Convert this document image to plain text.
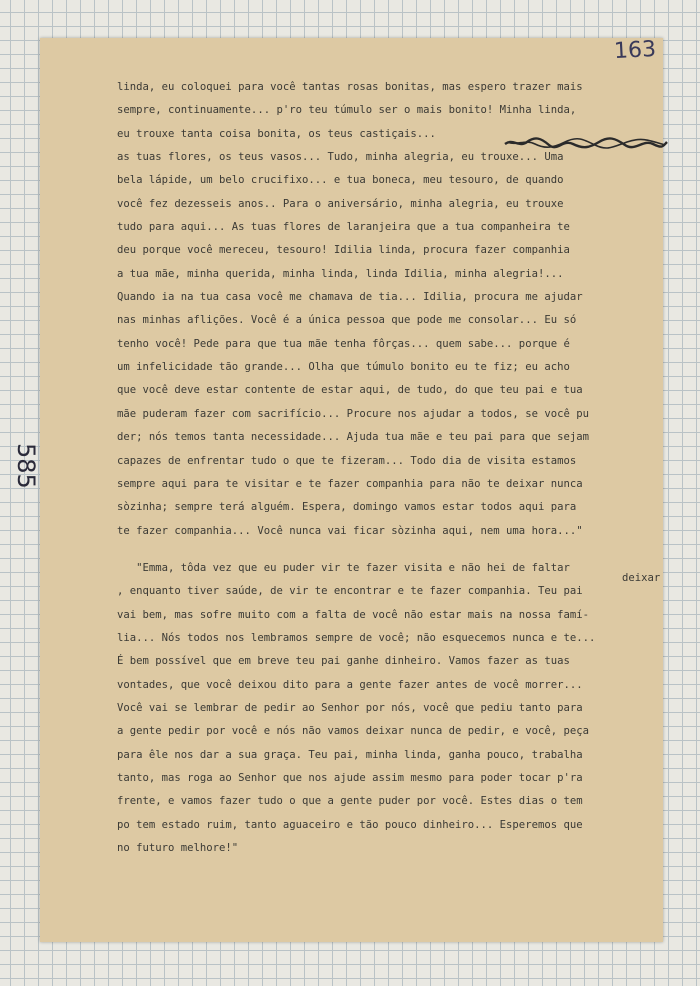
163
585
deixar
linda, eu coloquei para você tantas rosas bonitas, mas espero trazer mais
sempre, continuamente... p'ro teu túmulo ser o mais bonito! Minha linda,
eu trouxe tanta coisa bonita, os teus castiçais...
as tuas flores, os teus vasos... Tudo, minha alegria, eu trouxe... Uma
bela lápide, um belo crucifixo... e tua boneca, meu tesouro, de quando
você fez dezesseis anos.. Para o aniversário, minha alegria, eu trouxe
tudo para aqui... As tuas flores de laranjeira que a tua companheira te
deu porque você mereceu, tesouro! Idilia linda, procura fazer companhia
a tua mãe, minha querida, minha linda, linda Idilia, minha alegria!...
Quando ia na tua casa você me chamava de tia... Idilia, procura me ajudar
nas minhas aflições. Você é a única pessoa que pode me consolar... Eu só
tenho você! Pede para que tua mãe tenha fôrças... quem sabe... porque é
um infelicidade tão grande... Olha que túmulo bonito eu te fiz; eu acho
que você deve estar contente de estar aqui, de tudo, do que teu pai e tua
mãe puderam fazer com sacrifício... Procure nos ajudar a todos, se você pu
der; nós temos tanta necessidade... Ajuda tua mãe e teu pai para que sejam
capazes de enfrentar tudo o que te fizeram... Todo dia de visita estamos
sempre aqui para te visitar e te fazer companhia para não te deixar nunca
sòzinha; sempre terá alguém. Espera, domingo vamos estar todos aqui para
te fazer companhia... Você nunca vai ficar sòzinha aqui, nem uma hora..."
"Emma, tôda vez que eu puder vir te fazer visita e não hei de faltar
, enquanto tiver saúde, de vir te encontrar e te fazer companhia. Teu pai
vai bem, mas sofre muito com a falta de você não estar mais na nossa famí-
lia... Nós todos nos lembramos sempre de você; não esquecemos nunca e te...
É bem possível que em breve teu pai ganhe dinheiro. Vamos fazer as tuas
vontades, que você deixou dito para a gente fazer antes de você morrer...
Você vai se lembrar de pedir ao Senhor por nós, você que pediu tanto para
a gente pedir por você e nós não vamos deixar nunca de pedir, e você, peça
para êle nos dar a sua graça. Teu pai, minha linda, ganha pouco, trabalha
tanto, mas roga ao Senhor que nos ajude assim mesmo para poder tocar p'ra
frente, e vamos fazer tudo o que a gente puder por você. Estes dias o tem
po tem estado ruim, tanto aguaceiro e tão pouco dinheiro... Esperemos que
no futuro melhore!"
